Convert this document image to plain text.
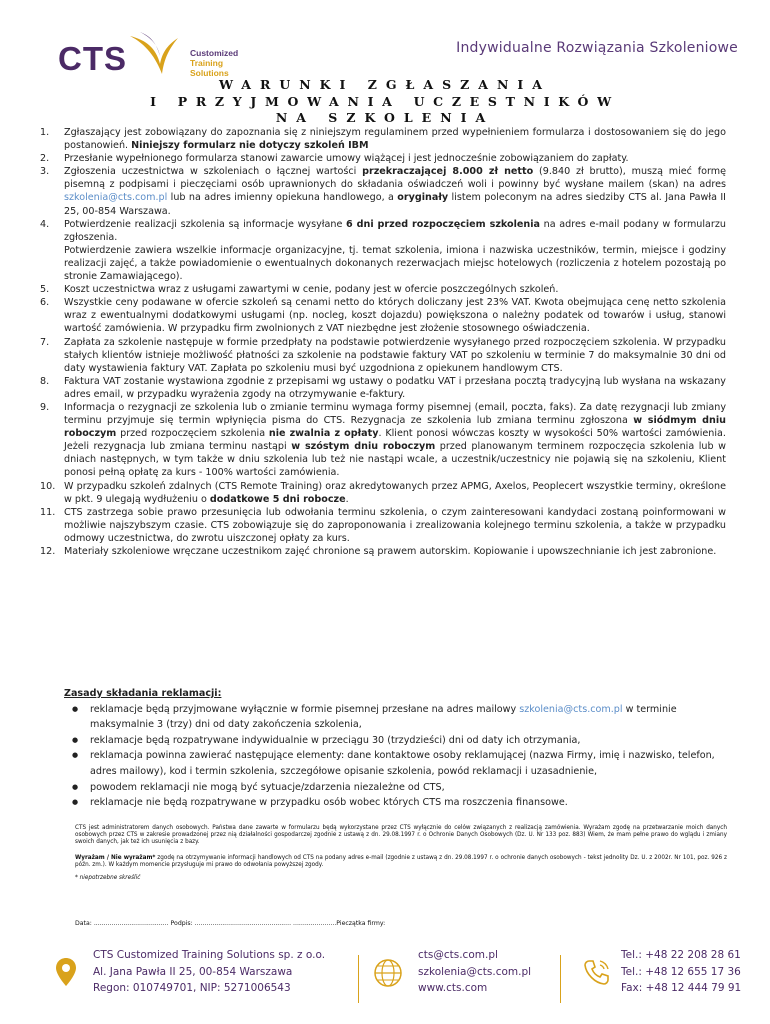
CTS	Customized
Training
Solutions
Indywidualne Rozwiązania Szkoleniowe
WARUNKI ZGŁASZANIA
I PRZYJMOWANIA UCZESTNIKÓW
NA SZKOLENIA
1.	Zgłaszający jest zobowiązany do zapoznania się z niniejszym regulaminem przed wypełnieniem formularza i dostosowaniem się do jego postanowień. Niniejszy formularz nie dotyczy szkoleń IBM
2.	Przesłanie wypełnionego formularza stanowi zawarcie umowy wiążącej i jest jednocześnie zobowiązaniem do zapłaty.
3.	Zgłoszenia uczestnictwa w szkoleniach o łącznej wartości przekraczającej 8.000 zł netto (9.840 zł brutto), muszą mieć formę pisemną z podpisami i pieczęciami osób uprawnionych do składania oświadczeń woli i powinny być wysłane mailem (skan) na adres szkolenia@cts.com.pl lub na adres imienny opiekuna handlowego, a oryginały listem poleconym na adres siedziby CTS al. Jana Pawła II 25, 00-854 Warszawa.
4.	Potwierdzenie realizacji szkolenia są informacje wysyłane 6 dni przed rozpoczęciem szkolenia na adres e-mail podany w formularzu zgłoszenia.

Potwierdzenie zawiera wszelkie informacje organizacyjne, tj. temat szkolenia, imiona i nazwiska uczestników, termin, miejsce i godziny realizacji zajęć, a także powiadomienie o ewentualnych dokonanych rezerwacjach miejsc hotelowych (rozliczenia z hotelem pozostają po stronie Zamawiającego).

5.	Koszt uczestnictwa wraz z usługami zawartymi w cenie, podany jest w ofercie poszczególnych szkoleń.
6.	Wszystkie ceny podawane w ofercie szkoleń są cenami netto do których doliczany jest 23% VAT. Kwota obejmująca cenę netto szkolenia wraz z ewentualnymi dodatkowymi usługami (np. nocleg, koszt dojazdu) powiększona o należny podatek od towarów i usług, stanowi wartość zamówienia. W przypadku firm zwolnionych z VAT niezbędne jest złożenie stosownego oświadczenia.
7.	Zapłata za szkolenie następuje w formie przedpłaty na podstawie potwierdzenie wysyłanego przed rozpoczęciem szkolenia. W przypadku stałych klientów istnieje możliwość płatności za szkolenie na podstawie faktury VAT po szkoleniu w terminie 7 do maksymalnie 30 dni od daty wystawienia faktury VAT. Zapłata po szkoleniu musi być uzgodniona z opiekunem handlowym CTS.
8.	Faktura VAT zostanie wystawiona zgodnie z przepisami wg ustawy o podatku VAT i przesłana pocztą tradycyjną lub wysłana na wskazany adres email, w przypadku wyrażenia zgody na otrzymywanie e-faktury.
9.	Informacja o rezygnacji ze szkolenia lub o zmianie terminu wymaga formy pisemnej (email, poczta, faks). Za datę rezygnacji lub zmiany terminu przyjmuje się termin wpłynięcia pisma do CTS. Rezygnacja ze szkolenia lub zmiana terminu zgłoszona w siódmym dniu roboczym przed rozpoczęciem szkolenia nie zwalnia z opłaty. Klient ponosi wówczas koszty w wysokości 50% wartości zamówienia. Jeżeli rezygnacja lub zmiana terminu nastąpi w szóstym dniu roboczym przed planowanym terminem rozpoczęcia szkolenia lub w dniach następnych, w tym także w dniu szkolenia lub też nie nastąpi wcale, a uczestnik/uczestnicy nie pojawią się na szkoleniu, Klient ponosi pełną opłatę za kurs - 100% wartości zamówienia.
10. W przypadku szkoleń zdalnych (CTS Remote Training) oraz akredytowanych przez APMG, Axelos, Peoplecert wszystkie terminy, określone w pkt. 9 ulegają wydłużeniu o dodatkowe 5 dni robocze.
11. CTS zastrzega sobie prawo przesunięcia lub odwołania terminu szkolenia, o czym zainteresowani kandydaci zostaną poinformowani w możliwie najszybszym czasie. CTS zobowiązuje się do zaproponowania i zrealizowania kolejnego terminu szkolenia, a także w przypadku odmowy uczestnictwa, do zwrotu uiszczonej opłaty za kurs.
12. Materiały szkoleniowe wręczane uczestnikom zajęć chronione są prawem autorskim. Kopiowanie i upowszechnianie ich jest zabronione.
Zasady składania reklamacji:
● reklamacje będą przyjmowane wyłącznie w formie pisemnej przesłane na adres mailowy szkolenia@cts.com.pl w terminie maksymalnie 3 (trzy) dni od daty zakończenia szkolenia,
● reklamacje będą rozpatrywane indywidualnie w przeciągu 30 (trzydzieści) dni od daty ich otrzymania,
● reklamacja powinna zawierać następujące elementy: dane kontaktowe osoby reklamującej (nazwa Firmy, imię i nazwisko, telefon, adres mailowy), kod i termin szkolenia, szczegółowe opisanie szkolenia, powód reklamacji i uzasadnienie,
● powodem reklamacji nie mogą być sytuacje/zdarzenia niezależne od CTS,
● reklamacje nie będą rozpatrywane w przypadku osób wobec których CTS ma roszczenia finansowe.
CTS jest administratorem danych osobowych. Państwa dane zawarte w formularzu będą wykorzystane przez CTS wyłącznie do celów związanych z realizacją zamówienia. Wyrażam zgodę na przetwarzanie moich danych osobowych przez CTS w zakresie prowadzonej przez nią działalności gospodarczej zgodnie z ustawą z dn. 29.08.1997 r. o Ochronie Danych Osobowych (Dz. U. Nr 133 poz. 883) Wiem, że mam pełne prawo do wglądu i zmiany swoich danych, jak też ich usunięcia z bazy.
Wyrażam / Nie wyrażam* zgodę na otrzymywanie informacji handlowych od CTS na podany adres e-mail (zgodnie z ustawą z dn. 29.08.1997 r. o ochronie danych osobowych - tekst jednolity Dz. U. z 2002r. Nr 101, poz. 926 z późn. zm.). W każdym momencie przysługuje mi prawo do odwołania powyższej zgody.
* niepotrzebne skreślić
Data: ...................................... Podpis: ................................................. ......................Pieczątka firmy:
CTS Customized Training Solutions sp. z o.o.
Al. Jana Pawła II 25, 00-854 Warszawa
Regon: 010749701, NIP: 5271006543
cts@cts.com.pl
szkolenia@cts.com.pl
www.cts.com
Tel.: +48 22 208 28 61
Tel.: +48 12 655 17 36
Fax: +48 12 444 79 91
